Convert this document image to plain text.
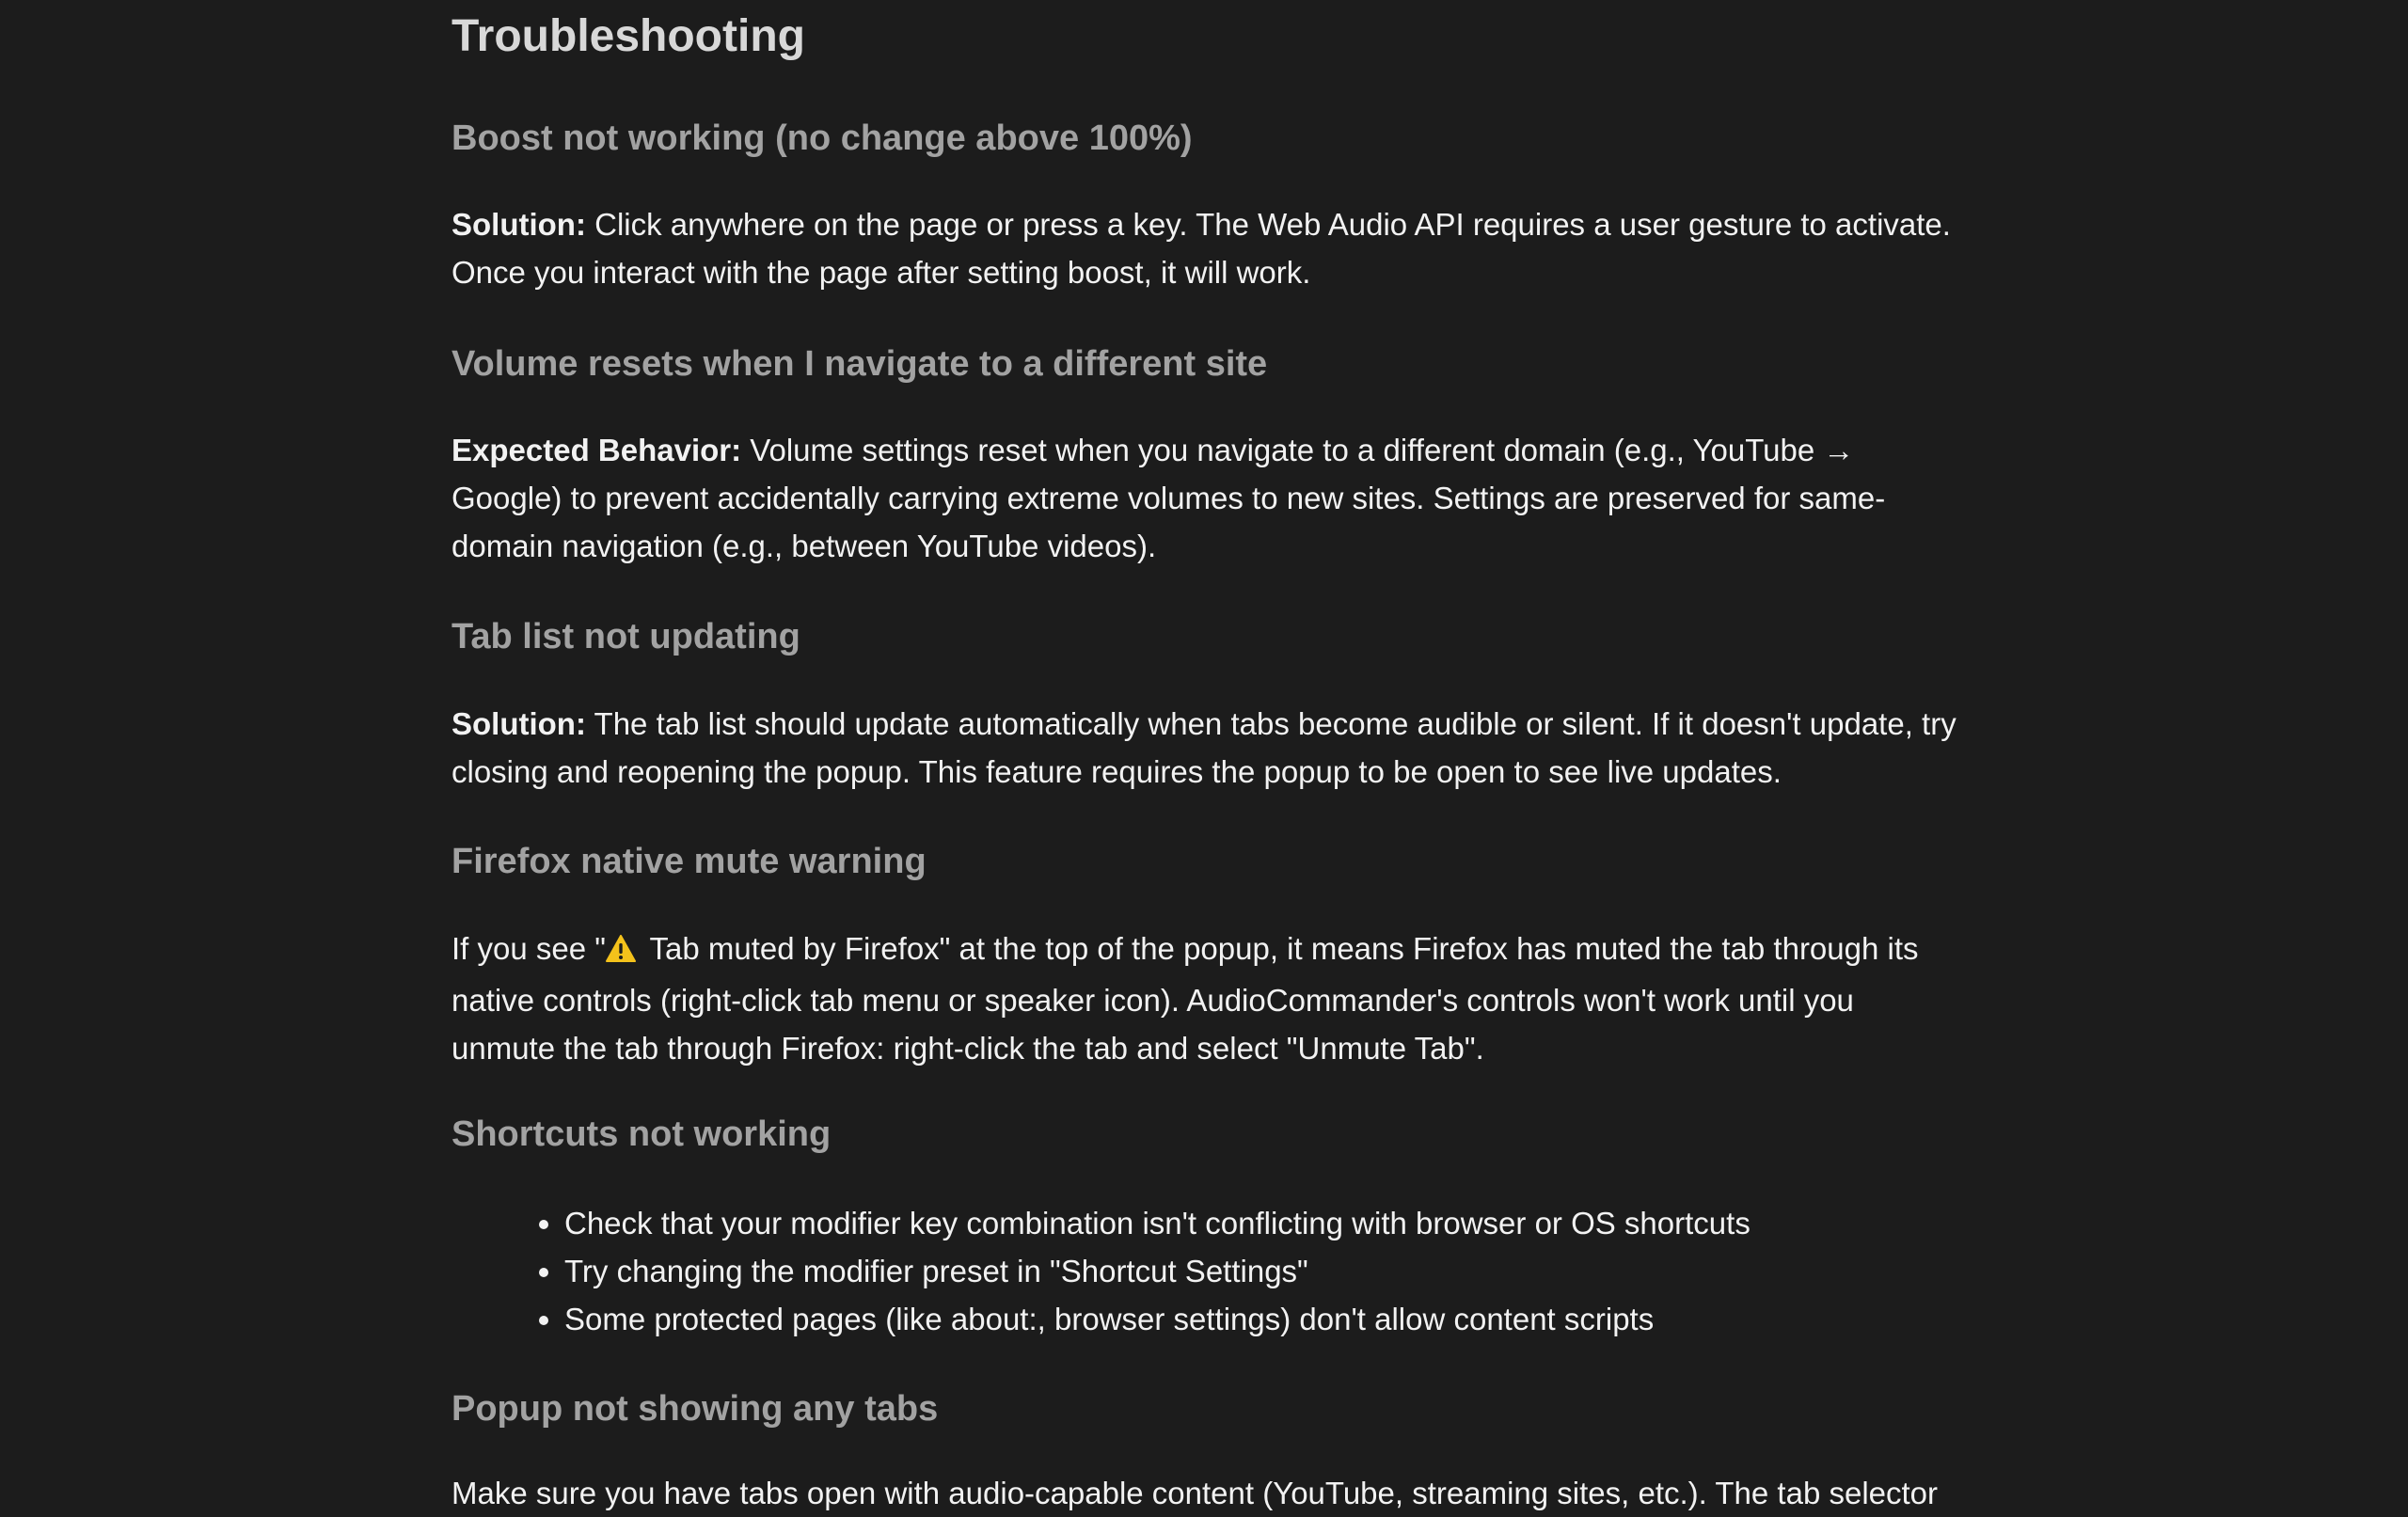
Troubleshooting
Boost not working (no change above 100%)

Solution: Click anywhere on the page or press a key. The Web Audio API requires a user gesture to activate. Once you interact with the page after setting boost, it will work.

Volume resets when I navigate to a different site

Expected Behavior: Volume settings reset when you navigate to a different domain (e.g., YouTube → Google) to prevent accidentally carrying extreme volumes to new sites. Settings are preserved for same-domain navigation (e.g., between YouTube videos).

Tab list not updating

Solution: The tab list should update automatically when tabs become audible or silent. If it doesn't update, try closing and reopening the popup. This feature requires the popup to be open to see live updates.

Firefox native mute warning

If you see " Tab muted by Firefox" at the top of the popup, it means Firefox has muted the tab through its native controls (right-click tab menu or speaker icon). AudioCommander's controls won't work until you unmute the tab through Firefox: right-click the tab and select "Unmute Tab".

Shortcuts not working
• Check that your modifier key combination isn't conflicting with browser or OS shortcuts
• Try changing the modifier preset in "Shortcut Settings"
• Some protected pages (like about:, browser settings) don't allow content scripts
Popup not showing any tabs

Make sure you have tabs open with audio-capable content (YouTube, streaming sites, etc.). The tab selector
